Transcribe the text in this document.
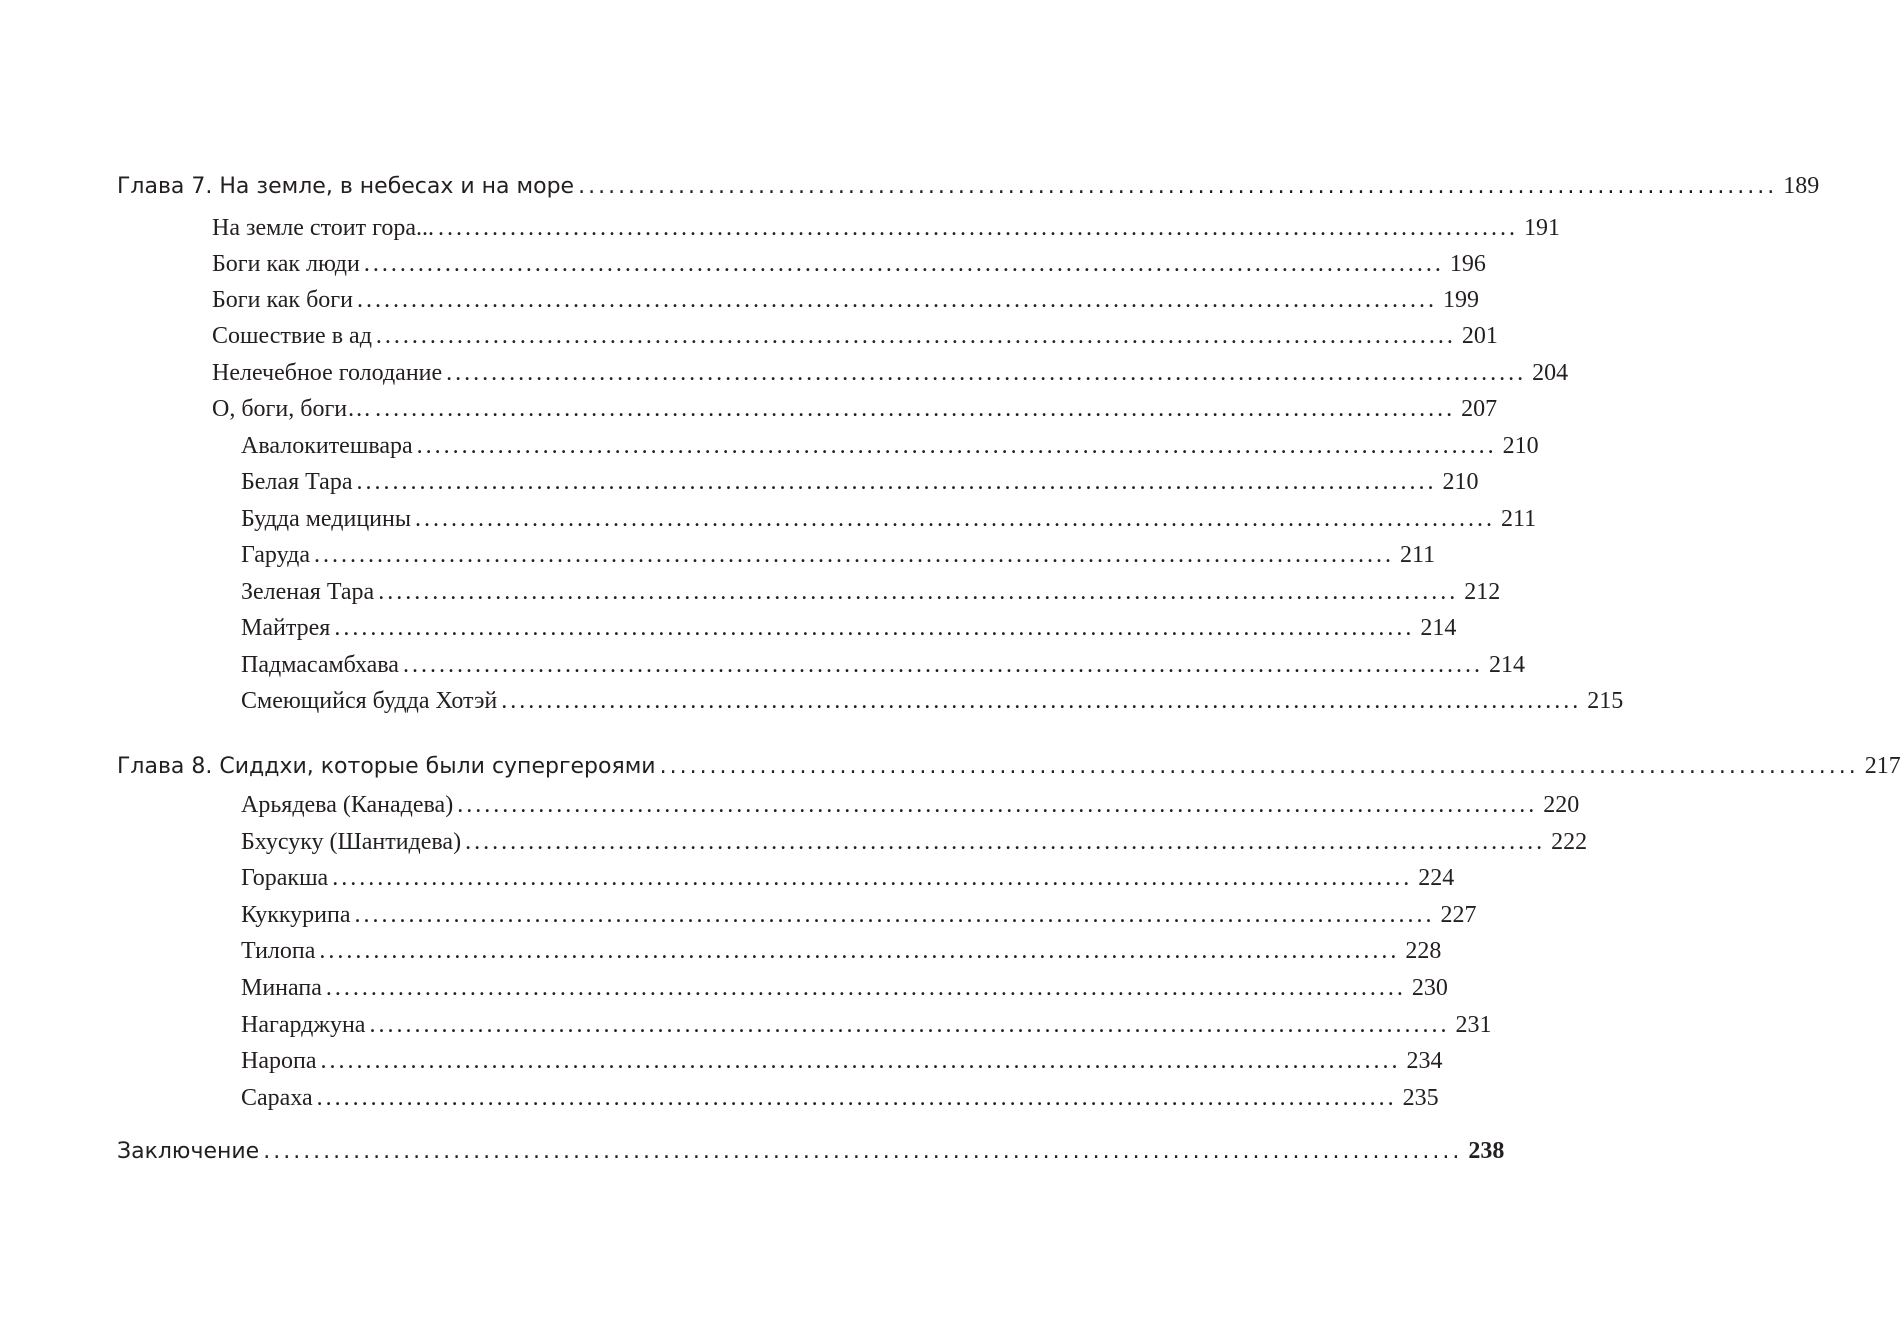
Глава 7. На земле, в небесах и на море ........................................................................................................................ 189
На земле стоит гора... ........................................................................................................................ 191
Боги как люди ........................................................................................................................ 196
Боги как боги ........................................................................................................................ 199
Сошествие в ад ........................................................................................................................ 201
Нелечебное голодание ........................................................................................................................ 204
О, боги, боги… ........................................................................................................................ 207
Авалокитешвара ........................................................................................................................ 210
Белая Тара ........................................................................................................................ 210
Будда медицины ........................................................................................................................ 211
Гаруда ........................................................................................................................ 211
Зеленая Тара ........................................................................................................................ 212
Майтрея ........................................................................................................................ 214
Падмасамбхава ........................................................................................................................ 214
Смеющийся будда Хотэй ........................................................................................................................ 215
Глава 8. Сиддхи, которые были супергероями ........................................................................................................................ 217
Арьядева (Канадева) ........................................................................................................................ 220
Бхусуку (Шантидева) ........................................................................................................................ 222
Горакша ........................................................................................................................ 224
Куккурипа ........................................................................................................................ 227
Тилопа ........................................................................................................................ 228
Минапа ........................................................................................................................ 230
Нагарджуна ........................................................................................................................ 231
Наропа ........................................................................................................................ 234
Сараха ........................................................................................................................ 235
Заключение ........................................................................................................................ 238
